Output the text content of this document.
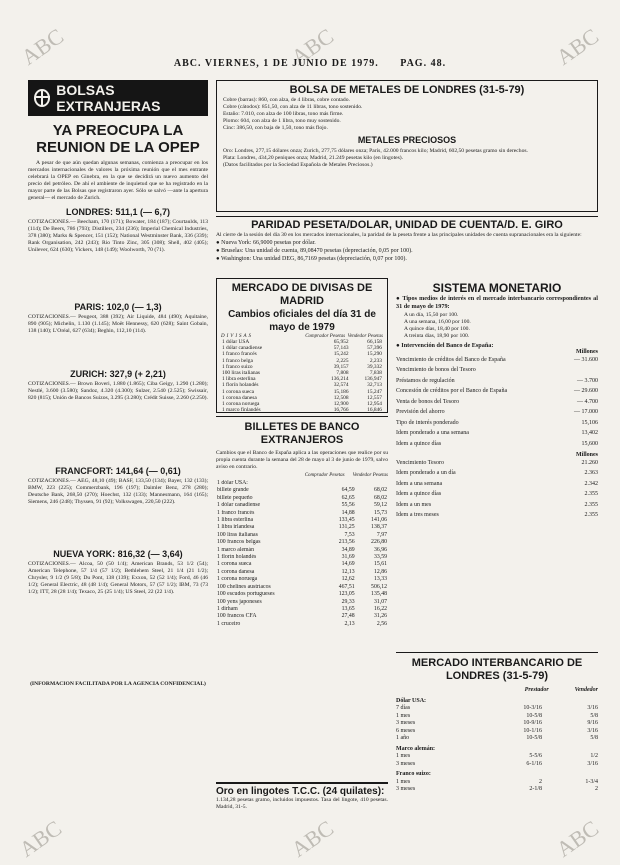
ABC	ABC	ABC
ABC	ABC	ABC
ABC. VIERNES, 1 DE JUNIO DE 1979. PAG. 48.
BOLSAS EXTRANJERAS
YA PREOCUPA LA REUNION DE LA OPEP
A pesar de que aún quedan algunas semanas, comienza a preocupar en los mercados internacionales de valores la próxima reunión que el mes entrante celebrará la OPEP en Ginebra, en la que se decidirá un nuevo aumento del precio del petróleo. De ahí el ambiente de inquietud que se ha registrado en la mayor parte de las Bolsas que registraron ayer. Sólo se salvó —ante la apertura general— el mercado de Zurich.
LONDRES: 511,1 (— 6,7)
COTIZACIONES.— Beecham, 170 (171); Bowater, 184 (187); Courtaulds, 113 (114); De Beers, 786 (793); Distillers, 234 (236); Imperial Chemical Industries, 378 (380); Marks & Spencer, 151 (152); National Westminster Bank, 336 (339); Rank Organisation, 242 (243); Rio Tinto Zinc, 305 (308); Shell, 402 (405); Unilever, 624 (630); Vickers, 148 (149); Woolworth, 70 (71).
PARIS: 102,0 (— 1,3)
COTIZACIONES.— Peugeot, 388 (392); Air Liquide, 484 (490); Aquitaine, 890 (905); Michelin, 1.130 (1.145); Moët Hennessy, 620 (628); Saint Gobain, 138 (140); L'Oréal, 627 (634); Beghin, 112,10 (114).
ZURICH: 327,9 (+ 2,21)
COTIZACIONES.— Brown Boveri, 1.880 (1.865); Ciba Geigy, 1.290 (1.280); Nestlé, 3.600 (3.580); Sandoz, 4.320 (4.300); Sulzer, 2.540 (2.525); Swissair, 820 (815); Unión de Bancos Suizos, 3.295 (3.280); Crédit Suisse, 2.260 (2.250).
FRANCFORT: 141,64 (— 0,61)
COTIZACIONES.— AEG, 48,10 (49); BASF, 133,50 (134); Bayer, 132 (133); BMW, 223 (225); Commerzbank, 196 (197); Daimler Benz, 278 (280); Deutsche Bank, 268,50 (270); Hoechst, 132 (133); Mannesmann, 164 (165); Siemens, 246 (248); Thyssen, 91 (92); Volkswagen, 220,50 (222).
NUEVA YORK: 816,32 (— 3,64)
COTIZACIONES.— Alcoa, 50 (50 1/4); American Brands, 53 1/2 (54); American Telephone, 57 1/4 (57 1/2); Bethlehem Steel, 21 1/4 (21 1/2); Chrysler, 9 1/2 (9 5/8); Du Pont, 138 (139); Exxon, 52 (52 1/4); Ford, 46 (46 1/2); General Electric, 48 (48 1/4); General Motors, 57 (57 1/2); IBM, 73 (73 1/2); ITT, 28 (28 1/4); Texaco, 25 (25 1/4); US Steel, 22 (22 1/4).
(INFORMACION FACILITADA POR LA AGENCIA CONFIDENCIAL)
BOLSA DE METALES DE LONDRES (31-5-79)
Cobre (barras): 860, con alza, de 4 libras, cobre contado.
Cobre (cátodos): 851,50, con alza de 11 libras, tono sostenido.
Estaño: 7.010, con alza de 100 libras, tono más firme.
Plomo: 604, con alza de 1 libra, tono muy sostenido.
Cinc: 386,50, con baja de 1,50, tono más flojo.
METALES PRECIOSOS
Oro: Londres, 277,15 dólares onza; Zurich, 277,75 dólares onza; París, 42.000 francos kilo; Madrid, 602,50 pesetas gramo sin derechos.
Plata: Londres, 434,20 peniques onza; Madrid, 21.249 pesetas kilo (en lingotes).
(Datos facilitados por la Sociedad Española de Metales Preciosos.)
PARIDAD PESETA/DOLAR, UNIDAD DE CUENTA/D. E. GIRO
Al cierre de la sesión del día 30 en los mercados internacionales, la paridad de la peseta frente a las principales unidades de cuenta supranacionales era la siguiente:
● Nueva York: 66,9000 pesetas por dólar.
● Bruselas: Una unidad de cuenta, 89,08470 pesetas (depreciación, 0,05 por 100).
● Washington: Una unidad DEG, 86,7169 pesetas (depreciación, 0,07 por 100).
MERCADO DE DIVISAS DE MADRID
Cambios oficiales del día 31 de mayo de 1979
DIVISAS	Comprador Pesetas Vendedor Pesetas
1 dólar USA	65,952	66,158
1 dólar canadiense	57,143	57,396
1 franco francés	15,242	15,290
1 franco belga	2,225	2,233
1 franco suizo	39,157	39,332
100 liras italianas	7,808	7,838
1 libra esterlina	136,214	136,947
1 florín holandés	32,574	32,713
1 corona sueca	15,186	15,247
1 corona danesa	12,508	12,557
1 corona noruega	12,900	12,954
1 marco finlandés	16,766	16,846

BILLETES DE BANCO EXTRANJEROS
Cambios que el Banco de España aplica a las operaciones que realice por su propia cuenta durante la semana del 28 de mayo al 3 de junio de 1979, salvo aviso en contrario.
Comprador Pesetas Vendedor Pesetas
1 dólar USA:		
billete grande	64,59	68,02
billete pequeño	62,65	68,02
1 dólar canadiense	55,56	59,12
1 franco francés	14,88	15,73
1 libra esterlina	133,45	141,06
1 libra irlandesa	131,25	138,37
100 liras italianas	7,53	7,97
100 francos belgas	213,56	226,80
1 marco alemán	34,89	36,96
1 florín holandés	31,69	33,59
1 corona sueca	14,69	15,61
1 corona danesa	12,13	12,86
1 corona noruega	12,62	13,33
100 chelines austríacos	467,51	506,12
100 escudos portugueses	123,05	135,48
100 yens japoneses	29,33	31,07
1 dirham	13,65	16,22
100 francos CFA	27,48	31,26
1 cruceiro	2,13	2,56
Oro en lingotes T.C.C. (24 quilates):
1.134,28 pesetas gramo, incluidos impuestos. Tasa del lingote, 410 pesetas. Madrid, 31-5.
SISTEMA MONETARIO
● Tipos medios de interés en el mercado interbancario correspondientes al 31 de mayo de 1979:
A un día, 15,50 por 100.
A una semana, 16,00 por 100.
A quince días, 18,40 por 100.
A treinta días, 18,90 por 100.
● Intervención del Banco de España:
Millones
Vencimiento de créditos del Banco de España	— 31.600
Vencimiento de bonos del Tesoro
Préstamos de regulación	— 3.700
Concesión de créditos por el Banco de España	— 29.600
Venta de bonos del Tesoro	— 4.700
Previsión del ahorro	— 17.000
Tipo de interés ponderado	15,106
Idem ponderado a una semana	13,402
Idem a quince días	15,600
Millones
Vencimiento Tesoro	21.260
Idem ponderado a un día	2.363
Idem a una semana	2.342
Idem a quince días	2.355
Idem a un mes	2.355
Idem a tres meses	2.355
MERCADO INTERBANCARIO DE LONDRES (31-5-79)
Prestador	Vendedor
Dólar USA:
7 días	10-3/16	3/16
1 mes	10-5/8	5/8
3 meses	10-9/16	9/16
6 meses	10-1/16	3/16
1 año	10-5/8	5/8
Marco alemán:
1 mes	5-5/6	1/2
3 meses	6-1/16	3/16
Franco suizo:
1 mes	2	1-3/4
3 meses	2-1/8	2
